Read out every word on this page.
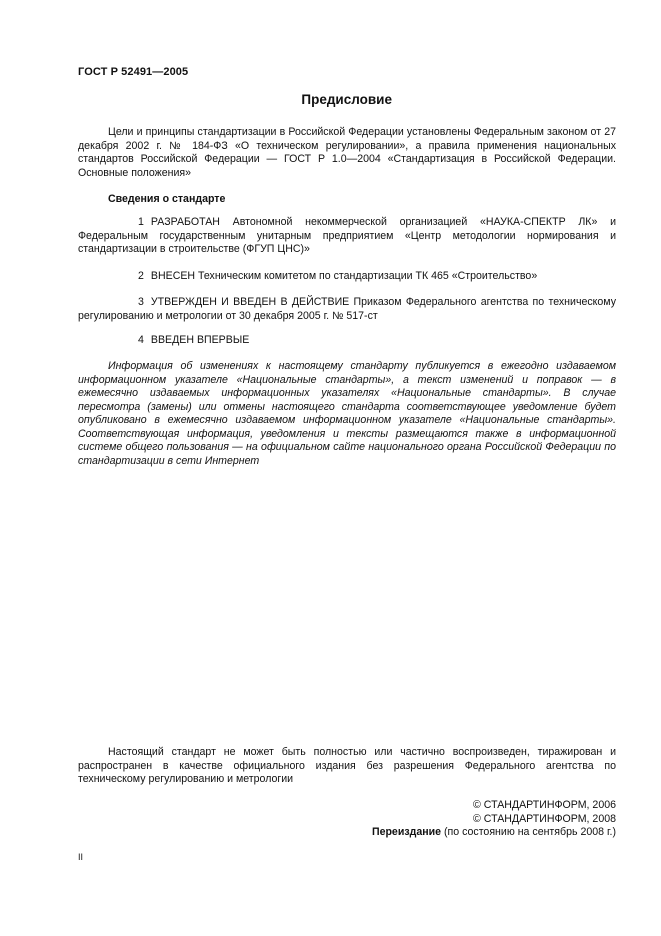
ГОСТ Р 52491—2005
Предисловие

Цели и принципы стандартизации в Российской Федерации установлены Федеральным законом от 27 декабря 2002 г. № 184-ФЗ «О техническом регулировании», а правила применения национальных стандартов Российской Федерации — ГОСТ Р 1.0—2004 «Стандартизация в Российской Федерации. Основные положения»

Сведения о стандарте

1 РАЗРАБОТАН Автономной некоммерческой организацией «НАУКА-СПЕКТР ЛК» и Федеральным государственным унитарным предприятием «Центр методологии нормирования и стандартизации в строительстве (ФГУП ЦНС)»

2 ВНЕСЕН Техническим комитетом по стандартизации ТК 465 «Строительство»

3 УТВЕРЖДЕН И ВВЕДЕН В ДЕЙСТВИЕ Приказом Федерального агентства по техническому регулированию и метрологии от 30 декабря 2005 г. № 517-ст

4 ВВЕДЕН ВПЕРВЫЕ

Информация об изменениях к настоящему стандарту публикуется в ежегодно издаваемом информационном указателе «Национальные стандарты», а текст изменений и поправок — в ежемесячно издаваемых информационных указателях «Национальные стандарты». В случае пересмотра (замены) или отмены настоящего стандарта соответствующее уведомление будет опубликовано в ежемесячно издаваемом информационном указателе «Национальные стандарты». Соответствующая информация, уведомления и тексты размещаются также в информационной системе общего пользования — на официальном сайте национального органа Российской Федерации по стандартизации в сети Интернет

Настоящий стандарт не может быть полностью или частично воспроизведен, тиражирован и распространен в качестве официального издания без разрешения Федерального агентства по техническому регулированию и метрологии

© СТАНДАРТИНФОРМ, 2006
© СТАНДАРТИНФОРМ, 2008
Переиздание (по состоянию на сентябрь 2008 г.)
II
